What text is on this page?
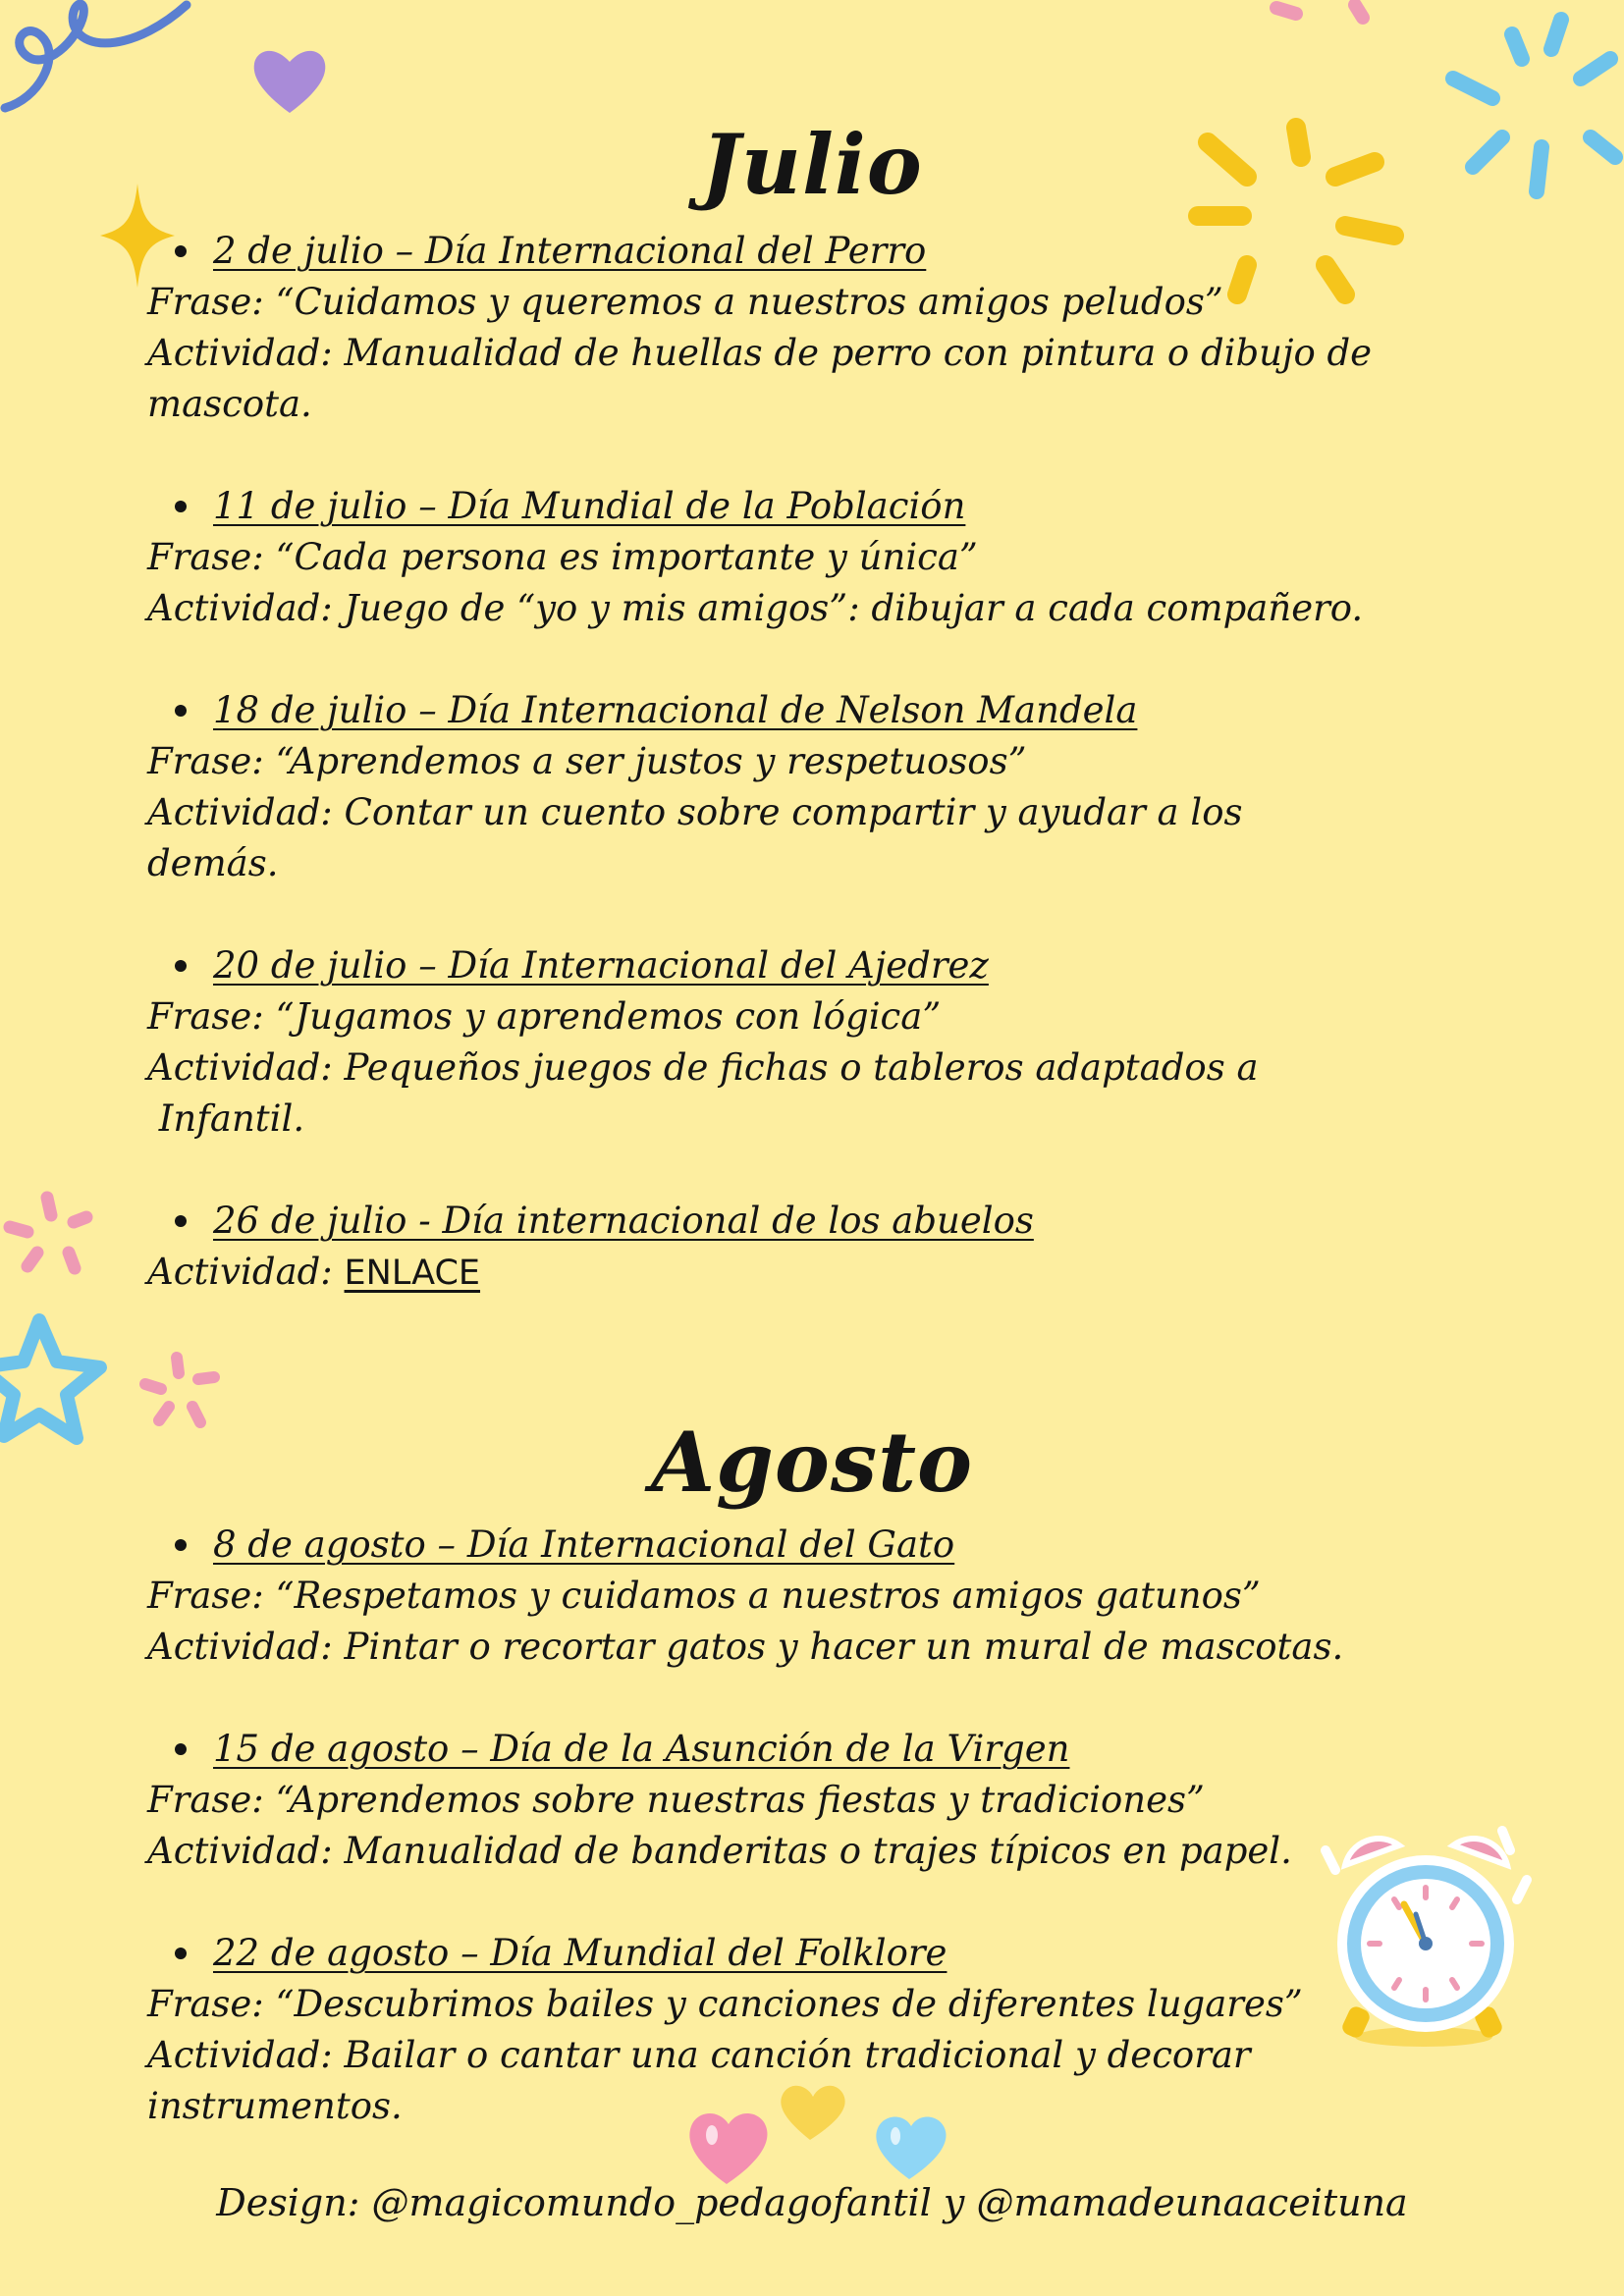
Julio
2 de julio – Día Internacional del Perro
Frase: “Cuidamos y queremos a nuestros amigos peludos”
Actividad: Manualidad de huellas de perro con pintura o dibujo de
mascota.
11 de julio – Día Mundial de la Población
Frase: “Cada persona es importante y única”
Actividad: Juego de “yo y mis amigos”: dibujar a cada compañero.
18 de julio – Día Internacional de Nelson Mandela
Frase: “Aprendemos a ser justos y respetuosos”
Actividad: Contar un cuento sobre compartir y ayudar a los
demás.
20 de julio – Día Internacional del Ajedrez
Frase: “Jugamos y aprendemos con lógica”
Actividad: Pequeños juegos de fichas o tableros adaptados a
Infantil.
26 de julio - Día internacional de los abuelos
Actividad: ENLACE
Agosto
8 de agosto – Día Internacional del Gato
Frase: “Respetamos y cuidamos a nuestros amigos gatunos”
Actividad: Pintar o recortar gatos y hacer un mural de mascotas.
15 de agosto – Día de la Asunción de la Virgen
Frase: “Aprendemos sobre nuestras fiestas y tradiciones”
Actividad: Manualidad de banderitas o trajes típicos en papel.
22 de agosto – Día Mundial del Folklore
Frase: “Descubrimos bailes y canciones de diferentes lugares”
Actividad: Bailar o cantar una canción tradicional y decorar
instrumentos.
Design: @magicomundo_pedagofantil y @mamadeunaaceituna
